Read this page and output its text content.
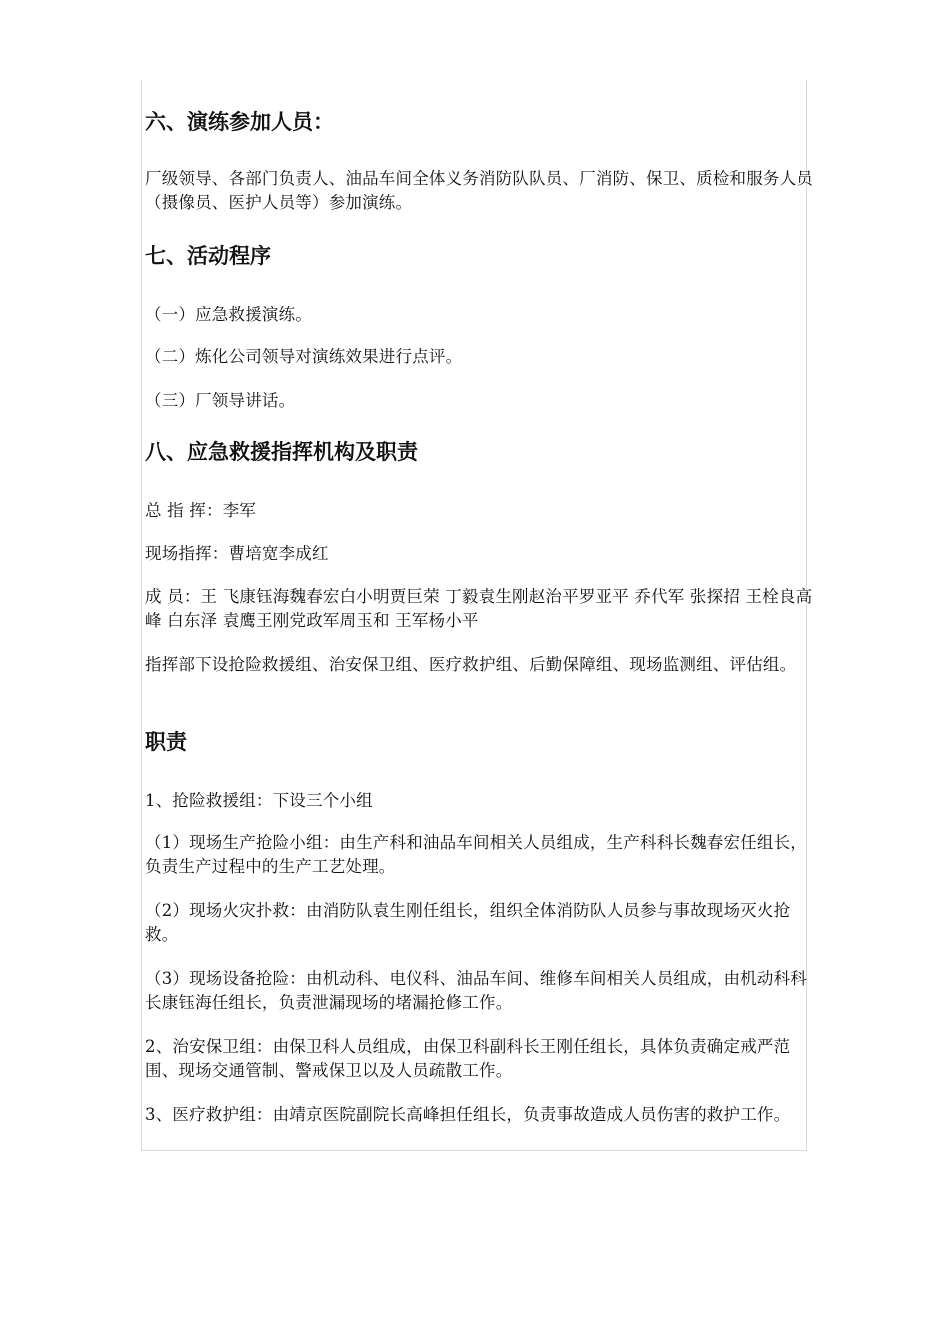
六、演练参加人员：

厂级领导、各部门负责人、油品车间全体义务消防队队员、厂消防、保卫、质检和服务人员（摄像员、医护人员等）参加演练。

七、活动程序

（一）应急救援演练。

（二）炼化公司领导对演练效果进行点评。

（三）厂领导讲话。

八、应急救援指挥机构及职责

总 指 挥：李军

现场指挥：曹培宽李成红

成 员：王 飞康钰海魏春宏白小明贾巨荣 丁毅袁生刚赵治平罗亚平 乔代军 张探招 王栓良高峰 白东泽 袁鹰王刚党政军周玉和 王军杨小平

指挥部下设抢险救援组、治安保卫组、医疗救护组、后勤保障组、现场监测组、评估组。

职责

1、抢险救援组：下设三个小组

（1）现场生产抢险小组：由生产科和油品车间相关人员组成，生产科科长魏春宏任组长，负责生产过程中的生产工艺处理。

（2）现场火灾扑救：由消防队袁生刚任组长，组织全体消防队人员参与事故现场灭火抢救。

（3）现场设备抢险：由机动科、电仪科、油品车间、维修车间相关人员组成，由机动科科长康钰海任组长，负责泄漏现场的堵漏抢修工作。

2、治安保卫组：由保卫科人员组成，由保卫科副科长王刚任组长，具体负责确定戒严范围、现场交通管制、警戒保卫以及人员疏散工作。

3、医疗救护组：由靖京医院副院长高峰担任组长，负责事故造成人员伤害的救护工作。
